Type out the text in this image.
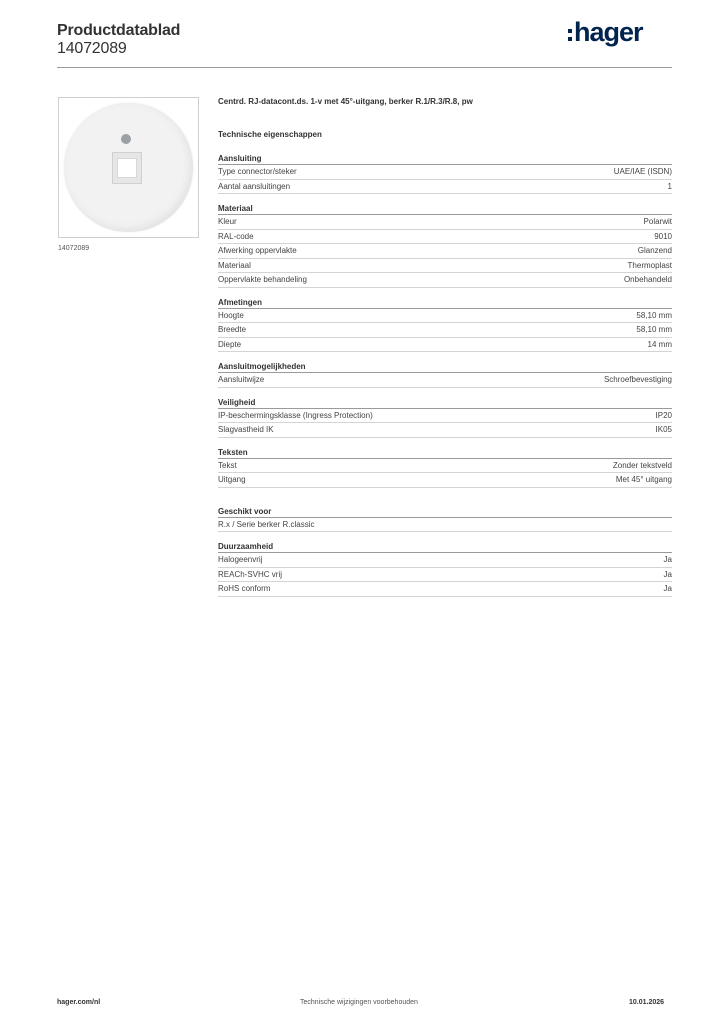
Productdatablad
14072089
hager
14072089
Centrd. RJ-datacont.ds. 1-v met 45°-uitgang, berker R.1/R.3/R.8, pw
Technische eigenschappen
Aansluiting
Type connector/steker	UAE/IAE (ISDN)
Aantal aansluitingen	1
Materiaal
Kleur	Polarwit
RAL-code	9010
Afwerking oppervlakte	Glanzend
Materiaal	Thermoplast
Oppervlakte behandeling	Onbehandeld
Afmetingen
Hoogte	58,10 mm
Breedte	58,10 mm
Diepte	14 mm
Aansluitmogelijkheden
Aansluitwijze	Schroefbevestiging
Veiligheid
IP-beschermingsklasse (Ingress Protection)	IP20
Slagvastheid IK	IK05
Teksten
Tekst	Zonder tekstveld
Uitgang	Met 45° uitgang
Geschikt voor
R.x / Serie berker R.classic
Duurzaamheid
Halogeenvrij	Ja
REACh-SVHC vrij	Ja
RoHS conform	Ja
hager.com/nl	Technische wijzigingen voorbehouden	10.01.2026
